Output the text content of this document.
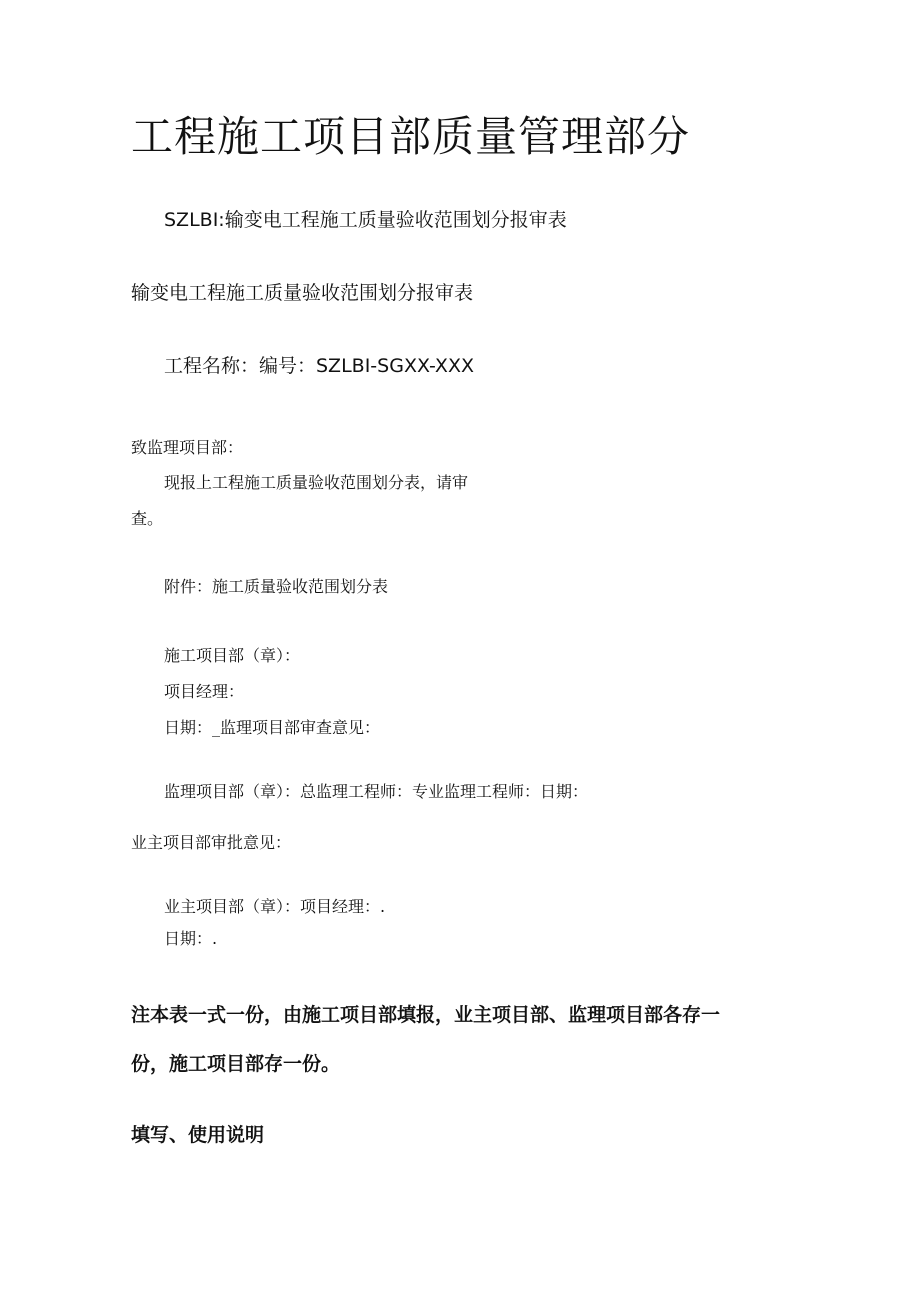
工程施工项目部质量管理部分
SZLBI:输变电工程施工质量验收范围划分报审表
输变电工程施工质量验收范围划分报审表
工程名称：编号：SZLBI-SGXX-XXX
致监理项目部：
现报上工程施工质量验收范围划分表，请审
查。
附件：施工质量验收范围划分表
施工项目部（章）：
项目经理：
日期：_监理项目部审查意见：
监理项目部（章）：总监理工程师：专业监理工程师：日期：
业主项目部审批意见：
业主项目部（章）：项目经理：.
日期：.
注本表一式一份，由施工项目部填报，业主项目部、监理项目部各存一
份，施工项目部存一份。
填写、使用说明
